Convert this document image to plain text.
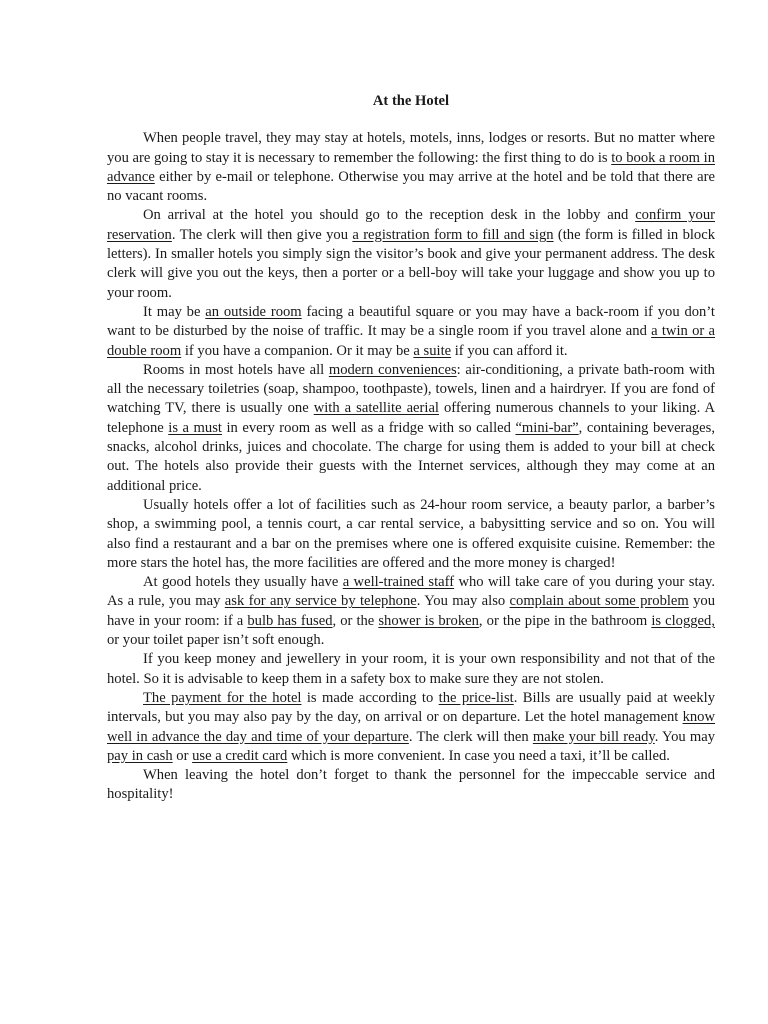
At the Hotel

When people travel, they may stay at hotels, motels, inns, lodges or resorts. But no matter where you are going to stay it is necessary to remember the following: the first thing to do is to book a room in advance either by e-mail or telephone. Otherwise you may arrive at the hotel and be told that there are no vacant rooms.

On arrival at the hotel you should go to the reception desk in the lobby and confirm your reservation. The clerk will then give you a registration form to fill and sign (the form is filled in block letters). In smaller hotels you simply sign the visitor’s book and give your permanent address. The desk clerk will give you out the keys, then a porter or a bell-boy will take your luggage and show you up to your room.

It may be an outside room facing a beautiful square or you may have a back-room if you don’t want to be disturbed by the noise of traffic. It may be a single room if you travel alone and a twin or a double room if you have a companion. Or it may be a suite if you can afford it.

Rooms in most hotels have all modern conveniences: air-conditioning, a private bath-room with all the necessary toiletries (soap, shampoo, toothpaste), towels, linen and a hairdryer. If you are fond of watching TV, there is usually one with a satellite aerial offering numerous channels to your liking. A telephone is a must in every room as well as a fridge with so called “mini-bar”, containing beverages, snacks, alcohol drinks, juices and chocolate. The charge for using them is added to your bill at check out. The hotels also provide their guests with the Internet services, although they may come at an additional price.

Usually hotels offer a lot of facilities such as 24-hour room service, a beauty parlor, a barber’s shop, a swimming pool, a tennis court, a car rental service, a babysitting service and so on. You will also find a restaurant and a bar on the premises where one is offered exquisite cuisine. Remember: the more stars the hotel has, the more facilities are offered and the more money is charged!

At good hotels they usually have a well-trained staff who will take care of you during your stay. As a rule, you may ask for any service by telephone. You may also complain about some problem you have in your room: if a bulb has fused, or the shower is broken, or the pipe in the bathroom is clogged, or your toilet paper isn’t soft enough.

If you keep money and jewellery in your room, it is your own responsibility and not that of the hotel. So it is advisable to keep them in a safety box to make sure they are not stolen.

The payment for the hotel is made according to the price-list. Bills are usually paid at weekly intervals, but you may also pay by the day, on arrival or on departure. Let the hotel management know well in advance the day and time of your departure. The clerk will then make your bill ready. You may pay in cash or use a credit card which is more convenient. In case you need a taxi, it’ll be called.

When leaving the hotel don’t forget to thank the personnel for the impeccable service and hospitality!
